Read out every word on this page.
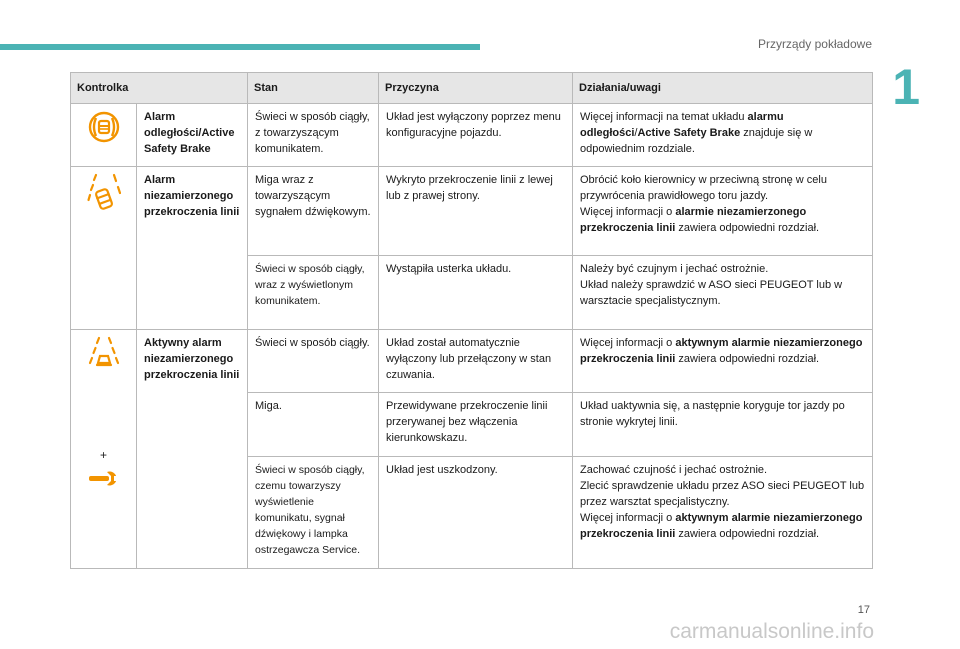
Przyrządy pokładowe
1
Kontrolka		Stan	Przyczyna	Działania/uwagi
	Alarm odległości/Active Safety Brake	Świeci w sposób ciągły, z towarzyszącym komunikatem.	Układ jest wyłączony poprzez menu konfiguracyjne pojazdu.	Więcej informacji na temat układu alarmu odległości/Active Safety Brake znajduje się w odpowiednim rozdziale.
	Alarm niezamierzonego przekroczenia linii	Miga wraz z towarzyszącym sygnałem dźwiękowym.	Wykryto przekroczenie linii z lewej lub z prawej strony.	Obrócić koło kierownicy w przeciwną stronę w celu przywrócenia prawidłowego toru jazdy.
Więcej informacji o alarmie niezamierzonego przekroczenia linii zawiera odpowiedni rozdział.

		Świeci w sposób ciągły, wraz z wyświetlonym komunikatem.	Wystąpiła usterka układu.	Należy być czujnym i jechać ostrożnie.
Układ należy sprawdzić w ASO sieci PEUGEOT lub w warsztacie specjalistycznym.

+	Aktywny alarm niezamierzonego przekroczenia linii	Świeci w sposób ciągły.	Układ został automatycznie wyłączony lub przełączony w stan czuwania.	Więcej informacji o aktywnym alarmie niezamierzonego przekroczenia linii zawiera odpowiedni rozdział.
		Miga.	Przewidywane przekroczenie linii przerywanej bez włączenia kierunkowskazu.	Układ uaktywnia się, a następnie koryguje tor jazdy po stronie wykrytej linii.
		Świeci w sposób ciągły, czemu towarzyszy wyświetlenie komunikatu, sygnał dźwiękowy i lampka ostrzegawcza Service.	Układ jest uszkodzony.	Zachować czujność i jechać ostrożnie.
Zlecić sprawdzenie układu przez ASO sieci PEUGEOT lub przez warsztat specjalistyczny.
Więcej informacji o aktywnym alarmie niezamierzonego przekroczenia linii zawiera odpowiedni rozdział.
17
carmanualsonline.info
